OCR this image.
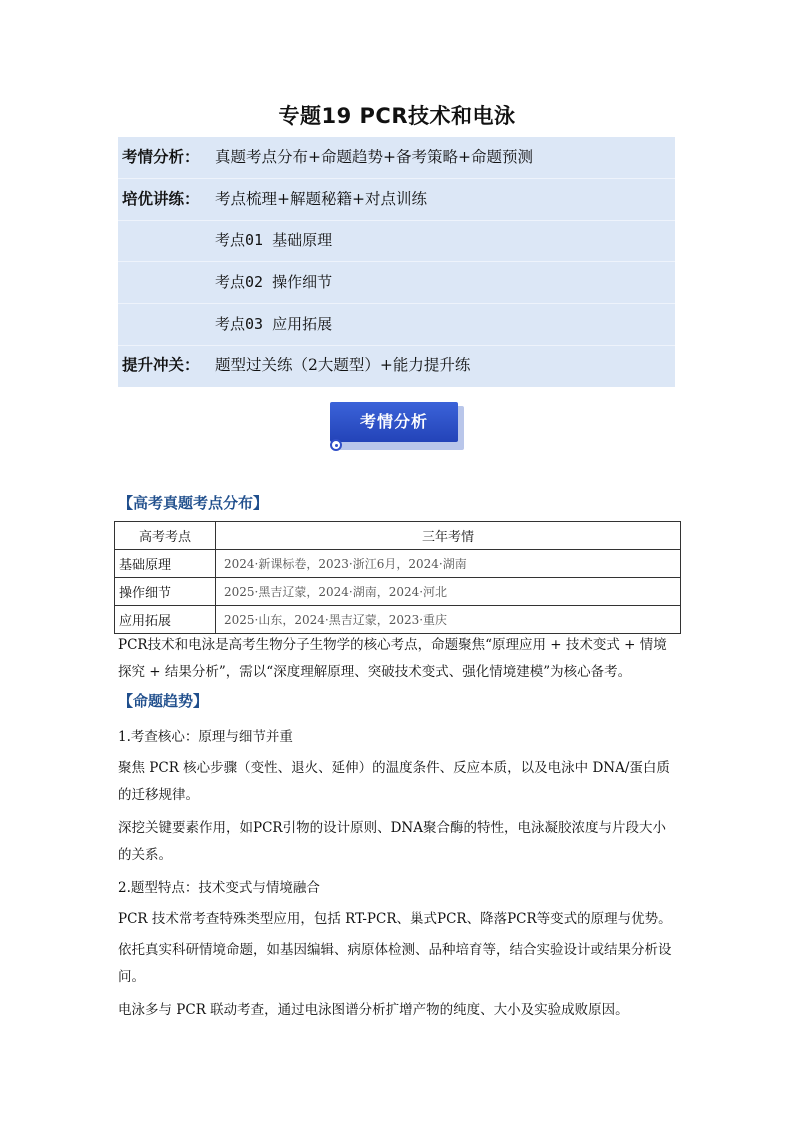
专题19 PCR技术和电泳
考情分析： 真题考点分布+命题趋势+备考策略+命题预测
培优讲练： 考点梳理+解题秘籍+对点训练
考点01 基础原理
考点02 操作细节
考点03 应用拓展
提升冲关： 题型过关练（2大题型）+能力提升练
考情分析
【高考真题考点分布】
高考考点	三年考情
基础原理	2024·新课标卷，2023·浙江6月，2024·湖南
操作细节	2025·黑吉辽蒙，2024·湖南，2024·河北
应用拓展	2025·山东，2024·黑吉辽蒙，2023·重庆

PCR技术和电泳是高考生物分子生物学的核心考点，命题聚焦“原理应用 + 技术变式 + 情境探究 + 结果分析”，需以“深度理解原理、突破技术变式、强化情境建模”为核心备考。

【命题趋势】

1.考查核心：原理与细节并重

聚焦 PCR 核心步骤（变性、退火、延伸）的温度条件、反应本质，以及电泳中 DNA/蛋白质的迁移规律。

深挖关键要素作用，如PCR引物的设计原则、DNA聚合酶的特性，电泳凝胶浓度与片段大小的关系。

2.题型特点：技术变式与情境融合

PCR 技术常考查特殊类型应用，包括 RT-PCR、巢式PCR、降落PCR等变式的原理与优势。

依托真实科研情境命题，如基因编辑、病原体检测、品种培育等，结合实验设计或结果分析设问。

电泳多与 PCR 联动考查，通过电泳图谱分析扩增产物的纯度、大小及实验成败原因。
